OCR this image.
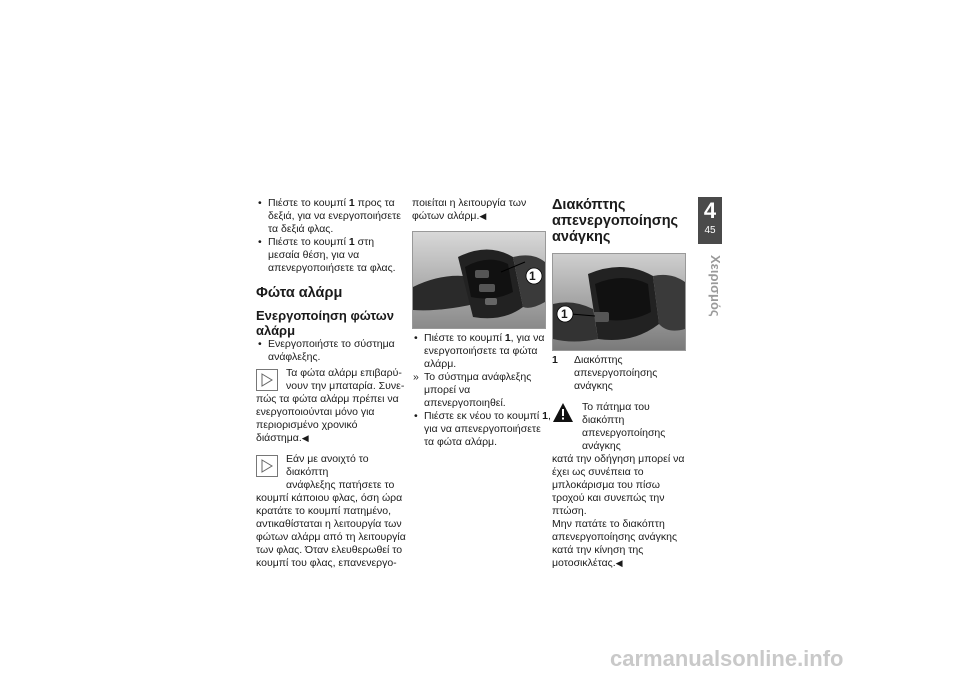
• Πιέστε το κουμπί 1 προς τα δεξιά, για να ενεργοποιήσετε τα δεξιά φλας.
• Πιέστε το κουμπί 1 στη μεσαία θέση, για να απενεργοποιήσετε τα φλας.
Φώτα αλάρμ
Ενεργοποίηση φώτων
αλάρμ
• Ενεργοποιήστε το σύστημα ανάφλεξης.
Τα φώτα αλάρμ επιβαρύ-
νουν την μπαταρία. Συνε-

πώς τα φώτα αλάρμ πρέπει να ενεργοποιούνται μόνο για περιορισμένο χρονικό διάστημα.◀

Εάν με ανοιχτό το διακόπτη
ανάφλεξης πατήσετε το

κουμπί κάποιου φλας, όση ώρα κρατάτε το κουμπί πατημένο, αντικαθίσταται η λειτουργία των φώτων αλάρμ από τη λειτουργία των φλας. Όταν ελευθερωθεί το κουμπί του φλας, επανενεργο-

ποιείται η λειτουργία των φώτων αλάρμ.◀

1
• Πιέστε το κουμπί 1, για να ενεργοποιήσετε τα φώτα αλάρμ.
» Το σύστημα ανάφλεξης μπορεί να απενεργοποιηθεί.
• Πιέστε εκ νέου το κουμπί 1, για να απενεργοποιήσετε τα φώτα αλάρμ.
Διακόπτης
απενεργοποίησης
ανάγκης
1
1	Διακόπτης απενεργοποίησης ανάγκης
Το πάτημα του διακόπτη
απενεργοποίησης ανάγκης

κατά την οδήγηση μπορεί να έχει ως συνέπεια το μπλοκάρισμα του πίσω τροχού και συνεπώς την πτώση.

Μην πατάτε το διακόπτη απενεργοποίησης ανάγκης κατά την κίνηση της μοτοσικλέτας.◀

4
45
Χειρισμός
carmanualsonline.info
